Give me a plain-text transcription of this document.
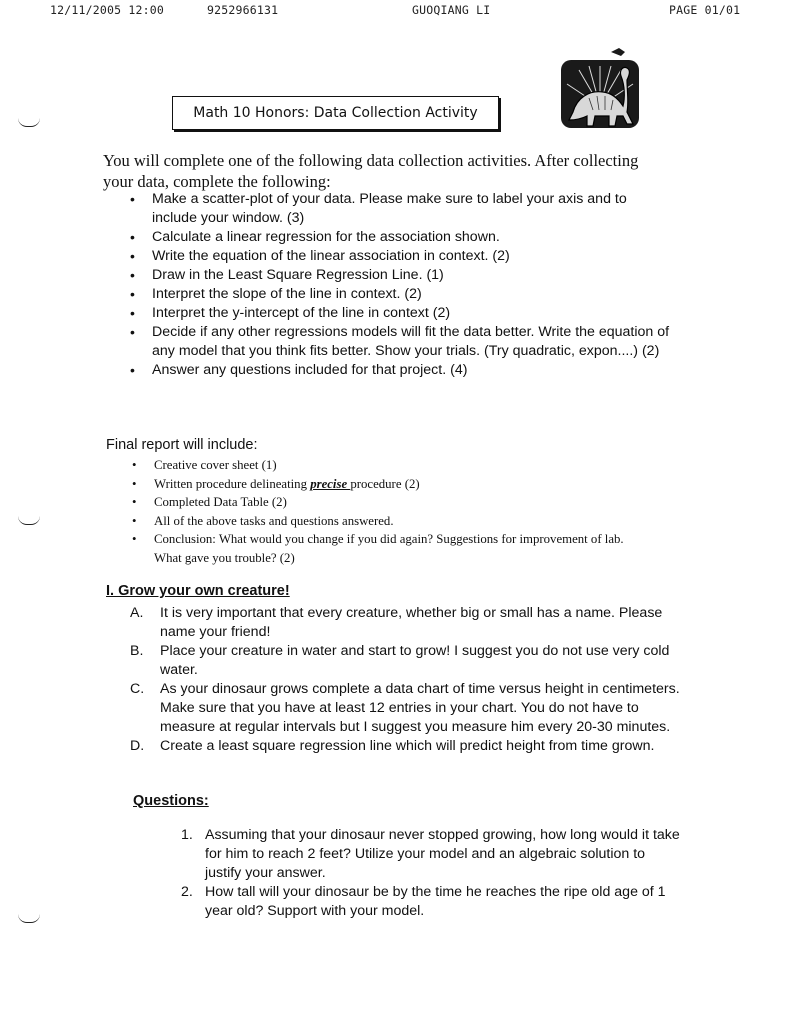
12/11/2005 12:00	9252966131	GUOQIANG LI	PAGE 01/01
Math 10 Honors: Data Collection Activity
You will complete one of the following data collection activities. After collecting your data, complete the following:
• Make a scatter-plot of your data. Please make sure to label your axis and to include your window. (3)
• Calculate a linear regression for the association shown.
• Write the equation of the linear association in context. (2)
• Draw in the Least Square Regression Line. (1)
• Interpret the slope of the line in context. (2)
• Interpret the y-intercept of the line in context (2)
• Decide if any other regressions models will fit the data better. Write the equation of any model that you think fits better. Show your trials. (Try quadratic, expon....) (2)
• Answer any questions included for that project. (4)
Final report will include:
• Creative cover sheet (1)
• Written procedure delineating precise procedure (2)
• Completed Data Table (2)
• All of the above tasks and questions answered.
• Conclusion: What would you change if you did again? Suggestions for improvement of lab. What gave you trouble? (2)
I. Grow your own creature!
A.	It is very important that every creature, whether big or small has a name. Please name your friend!
B.	Place your creature in water and start to grow! I suggest you do not use very cold water.
C.	As your dinosaur grows complete a data chart of time versus height in centimeters. Make sure that you have at least 12 entries in your chart. You do not have to measure at regular intervals but I suggest you measure him every 20-30 minutes.
D.	Create a least square regression line which will predict height from time grown.
Questions:
1. Assuming that your dinosaur never stopped growing, how long would it take for him to reach 2 feet? Utilize your model and an algebraic solution to justify your answer.
2. How tall will your dinosaur be by the time he reaches the ripe old age of 1 year old? Support with your model.
